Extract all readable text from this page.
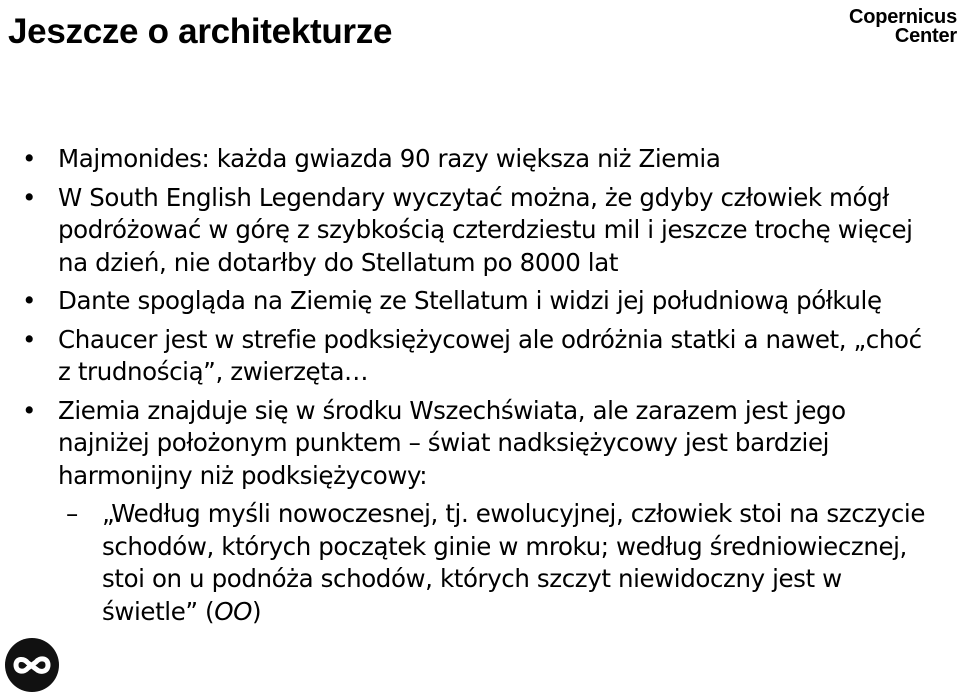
Jeszcze o architekturze	Copernicus
Center
• Majmonides: każda gwiazda 90 razy większa niż Ziemia
• W South English Legendary wyczytać można, że gdyby człowiek mógł podróżować w górę z szybkością czterdziestu mil i jeszcze trochę więcej na dzień, nie dotarłby do Stellatum po 8000 lat
• Dante spogląda na Ziemię ze Stellatum i widzi jej południową półkulę
• Chaucer jest w strefie podksiężycowej ale odróżnia statki a nawet, „choć z trudnością”, zwierzęta…
• Ziemia znajduje się w środku Wszechświata, ale zarazem jest jego najniżej położonym punktem – świat nadksiężycowy jest bardziej harmonijny niż podksiężycowy:
– „Według myśli nowoczesnej, tj. ewolucyjnej, człowiek stoi na szczycie schodów, których początek ginie w mroku; według średniowiecznej, stoi on u podnóża schodów, których szczyt niewidoczny jest w świetle” (OO)
